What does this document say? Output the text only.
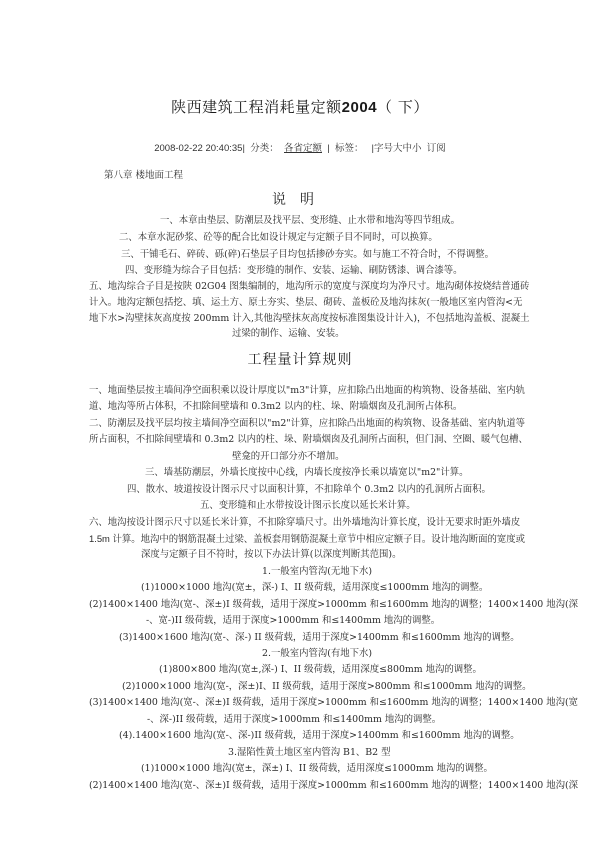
陕西建筑工程消耗量定额2004（ 下）
2008-02-22 20:40:35| 分类： 各省定额 | 标签： |字号大中小 订阅
第八章 楼地面工程
说明
一、本章由垫层、防潮层及找平层、变形缝、止水带和地沟等四节组成。
二、本章水泥砂浆、砼等的配合比如设计规定与定额子目不同时，可以换算。
三、干铺毛石、碎砖、砾(碎)石垫层子目均包括掺砂夯实。如与施工不符合时，不得调整。
四、变形缝为综合子目包括：变形缝的制作、安装、运输、刷防锈漆、调合漆等。
五、地沟综合子目是按陕 02G04 图集编制的，地沟所示的宽度与深度均为净尺寸。地沟砌体按烧结普通砖
计入。地沟定额包括挖、填、运土方、原土夯实、垫层、砌砖、盖板砼及地沟抹灰(一般地区室内管沟<无
地下水>沟壁抹灰高度按 200mm 计入,其他沟壁抹灰高度按标准图集设计计入)，不包括地沟盖板、混凝土
过梁的制作、运输、安装。
工程量计算规则
一、地面垫层按主墙间净空面积乘以设计厚度以"m3"计算，应扣除凸出地面的构筑物、设备基础、室内轨
道、地沟等所占体积，不扣除间壁墙和 0.3m2 以内的柱、垛、附墙烟囱及孔洞所占体积。
二、防潮层及找平层均按主墙间净空面积以"m2"计算，应扣除凸出地面的构筑物、设备基础、室内轨道等
所占面积，不扣除间壁墙和 0.3m2 以内的柱、垛、附墙烟囱及孔洞所占面积，但门洞、空圈、暖气包槽、
壁龛的开口部分亦不增加。
三、墙基防潮层，外墙长度按中心线，内墙长度按净长乘以墙宽以"m2"计算。
四、散水、坡道按设计图示尺寸以面积计算，不扣除单个 0.3m2 以内的孔洞所占面积。
五、变形缝和止水带按设计图示长度以延长米计算。
六、地沟按设计图示尺寸以延长米计算，不扣除穿墙尺寸。出外墙地沟计算长度，设计无要求时距外墙皮
1.5m 计算。地沟中的钢筋混凝土过梁、盖板套用钢筋混凝土章节中相应定额子目。设计地沟断面的宽度或
深度与定额子目不符时，按以下办法计算(以深度判断其范围)。
1.一般室内管沟(无地下水)
(1)1000×1000 地沟(宽±，深-) I、II 级荷载，适用深度≤1000mm 地沟的调整。
(2)1400×1400 地沟(宽-、深±)I 级荷载，适用于深度>1000mm 和≤1600mm 地沟的调整；1400×1400 地沟(深
-、宽-)II 级荷载，适用于深度>1000mm 和≤1400mm 地沟的调整。
(3)1400×1600 地沟(宽-、深-) II 级荷载，适用于深度>1400mm 和≤1600mm 地沟的调整。
2.一般室内管沟(有地下水)
(1)800×800 地沟(宽±,深-) I、II 级荷载，适用深度≤800mm 地沟的调整。
(2)1000×1000 地沟(宽-，深±)I、II 级荷载，适用于深度>800mm 和≤1000mm 地沟的调整。
(3)1400×1400 地沟(宽-、深±)I 级荷载，适用于深度>1000mm 和≤1600mm 地沟的调整；1400×1400 地沟(宽
-、深-)II 级荷载，适用于深度>1000mm 和≤1400mm 地沟的调整。
(4).1400×1600 地沟(宽-、深-)II 级荷载，适用于深度>1400mm 和≤1600mm 地沟的调整。
3.湿陷性黄土地区室内管沟 B1、B2 型
(1)1000×1000 地沟(宽±，深±) I、II 级荷载，适用深度≤1000mm 地沟的调整。
(2)1400×1400 地沟(宽-、深±)I 级荷载，适用于深度>1000mm 和≤1600mm 地沟的调整；1400×1400 地沟(深
